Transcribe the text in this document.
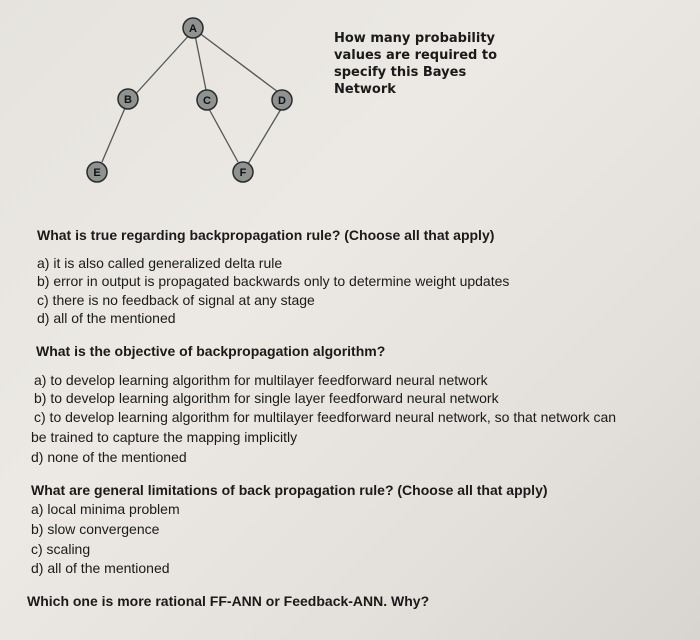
A
B	C	D
E	F
How many probability values are required to specify this Bayes Network
What is true regarding backpropagation rule? (Choose all that apply)
a) it is also called generalized delta rule
b) error in output is propagated backwards only to determine weight updates
c) there is no feedback of signal at any stage
d) all of the mentioned
What is the objective of backpropagation algorithm?
a) to develop learning algorithm for multilayer feedforward neural network
b) to develop learning algorithm for single layer feedforward neural network
c) to develop learning algorithm for multilayer feedforward neural network, so that network can
be trained to capture the mapping implicitly
d) none of the mentioned
What are general limitations of back propagation rule? (Choose all that apply)
a) local minima problem
b) slow convergence
c) scaling
d) all of the mentioned
Which one is more rational FF-ANN or Feedback-ANN. Why?
